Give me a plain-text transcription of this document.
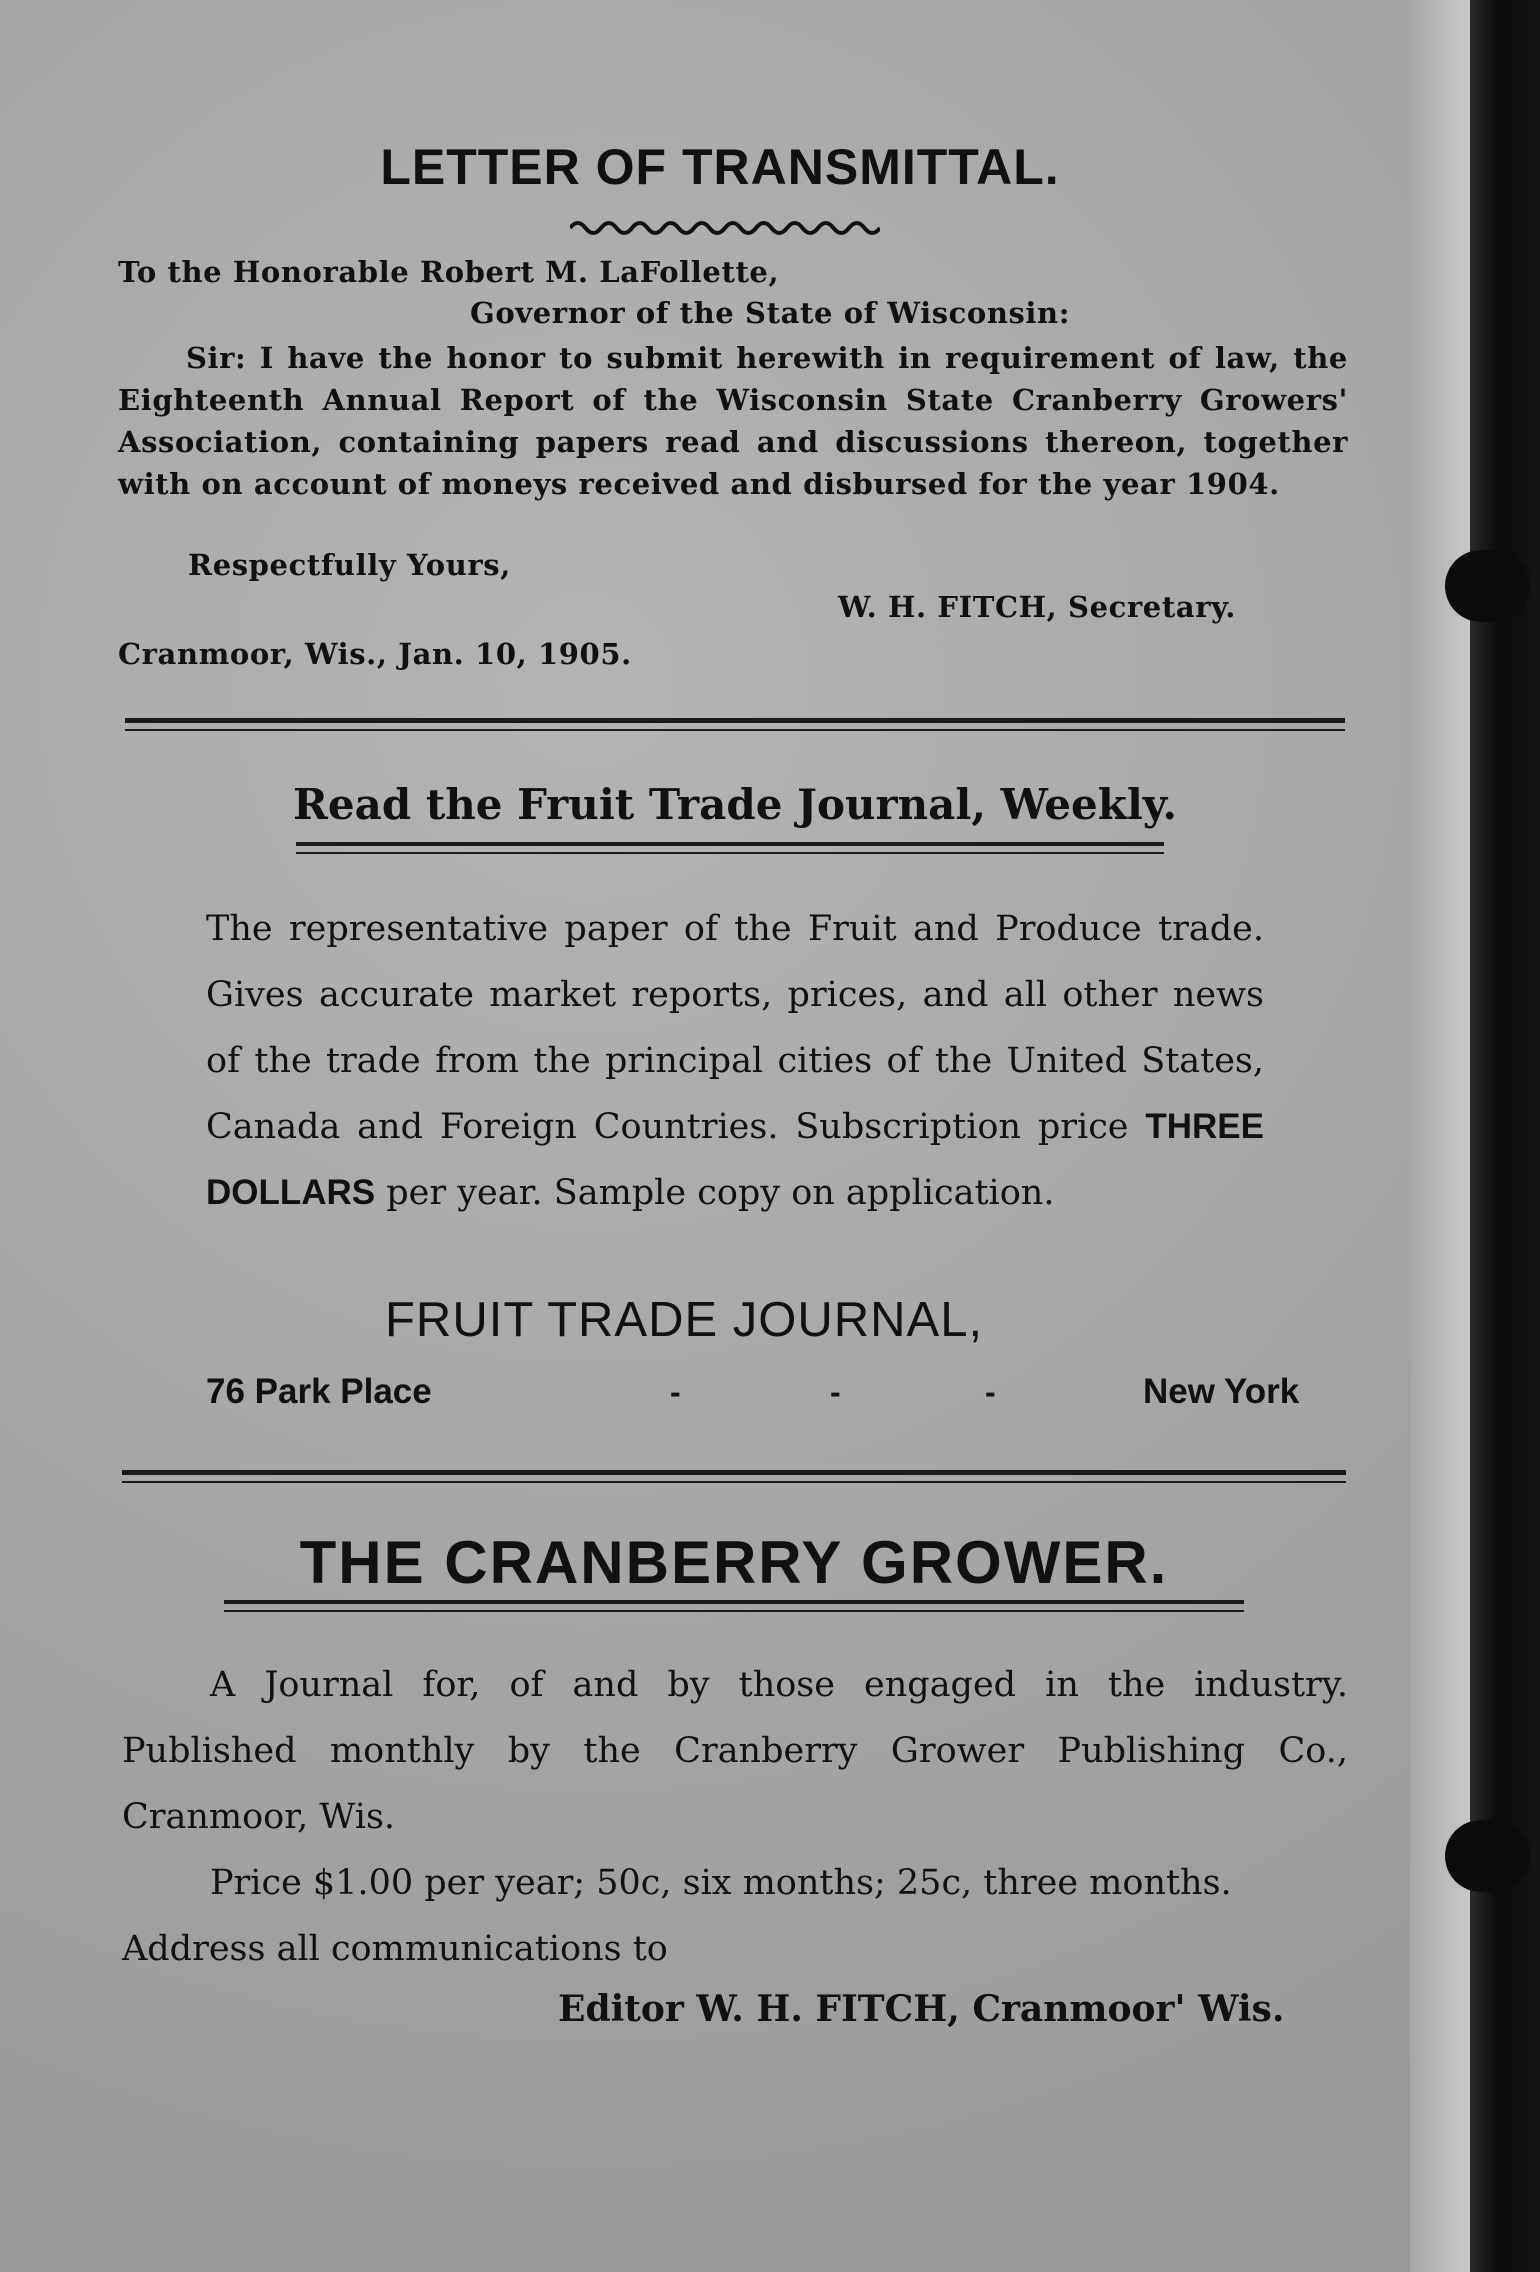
LETTER OF TRANSMITTAL.
To the Honorable Robert M. LaFollette,
Governor of the State of Wisconsin:
Sir: I have the honor to submit herewith in requirement of law, the Eighteenth Annual Report of the Wisconsin State Cranberry Growers' Association, containing papers read and discussions thereon, together with on account of moneys received and disbursed for the year 1904.
Respectfully Yours,
W. H. FITCH, Secretary.
Cranmoor, Wis., Jan. 10, 1905.
Read the Fruit Trade Journal, Weekly.
The representative paper of the Fruit and Produce trade. Gives accurate market reports, prices, and all other news of the trade from the principal cities of the United States, Canada and Foreign Countries. Subscription price THREE DOLLARS per year. Sample copy on application.
FRUIT TRADE JOURNAL,
76 Park Place	-	-	-	New York
THE CRANBERRY GROWER.
A Journal for, of and by those engaged in the industry. Published monthly by the Cranberry Grower Publishing Co., Cranmoor, Wis.
Price $1.00 per year; 50c, six months; 25c, three months.
Address all communications to
Editor W. H. FITCH, Cranmoor' Wis.
